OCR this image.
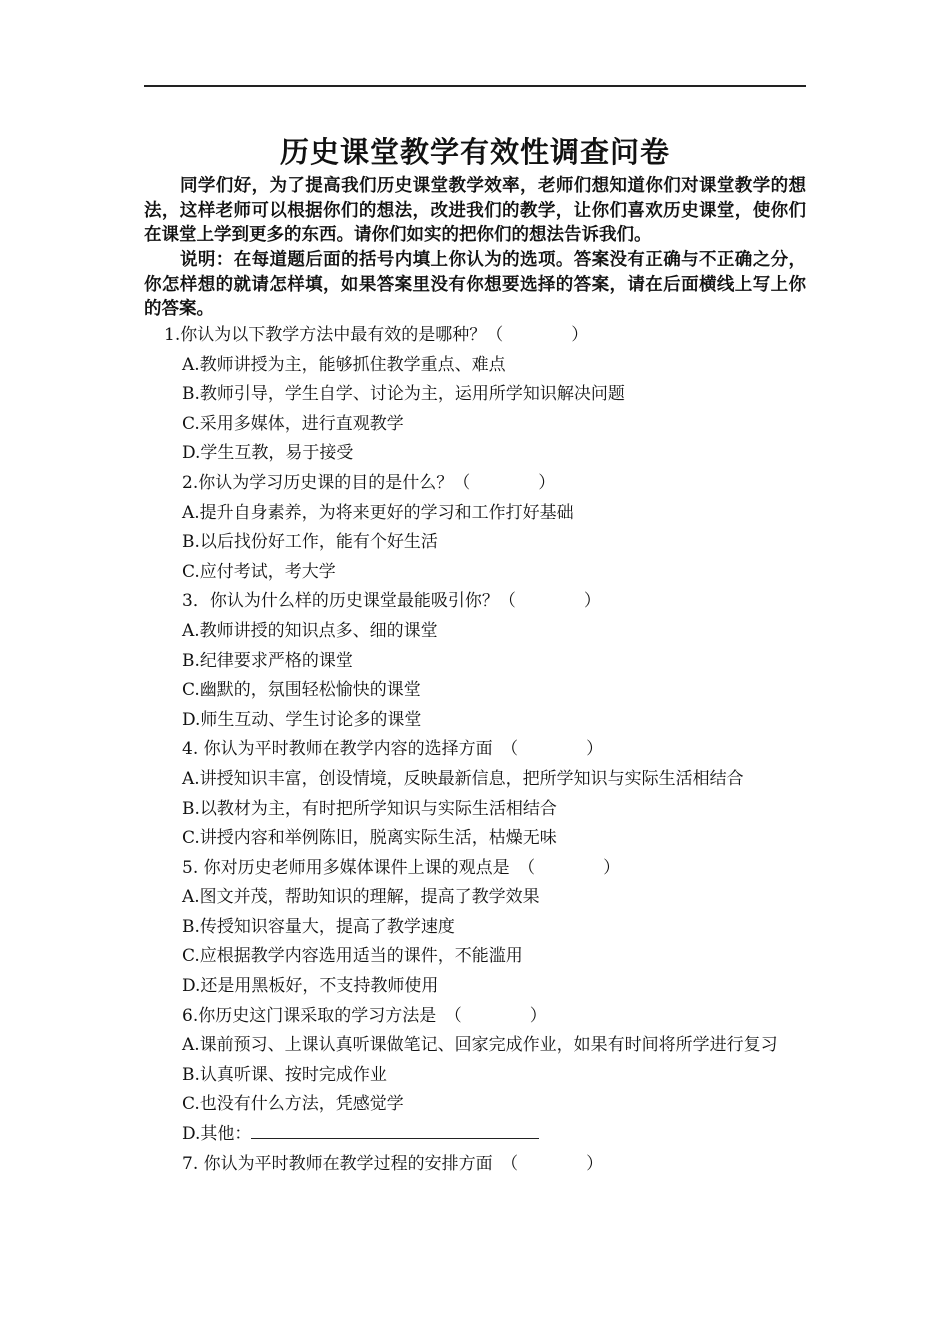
历史课堂教学有效性调查问卷
同学们好，为了提高我们历史课堂教学效率，老师们想知道你们对课堂教学的想法，这样老师可以根据你们的想法，改进我们的教学，让你们喜欢历史课堂，使你们在课堂上学到更多的东西。请你们如实的把你们的想法告诉我们。
说明：在每道题后面的括号内填上你认为的选项。答案没有正确与不正确之分，你怎样想的就请怎样填，如果答案里没有你想要选择的答案，请在后面横线上写上你的答案。
1.你认为以下教学方法中最有效的是哪种？（　　　　）
A.教师讲授为主，能够抓住教学重点、难点
B.教师引导，学生自学、讨论为主，运用所学知识解决问题
C.采用多媒体，进行直观教学
D.学生互教，易于接受
2.你认为学习历史课的目的是什么？（　　　　）
A.提升自身素养，为将来更好的学习和工作打好基础
B.以后找份好工作，能有个好生活
C.应付考试，考大学
3．你认为什么样的历史课堂最能吸引你？（　　　　）
A.教师讲授的知识点多、细的课堂
B.纪律要求严格的课堂
C.幽默的，氛围轻松愉快的课堂
D.师生互动、学生讨论多的课堂
4. 你认为平时教师在教学内容的选择方面　（　　　　）
A.讲授知识丰富，创设情境，反映最新信息，把所学知识与实际生活相结合
B.以教材为主，有时把所学知识与实际生活相结合
C.讲授内容和举例陈旧，脱离实际生活，枯燥无味
5. 你对历史老师用多媒体课件上课的观点是　（　　　　）
A.图文并茂，帮助知识的理解，提高了教学效果
B.传授知识容量大，提高了教学速度
C.应根据教学内容选用适当的课件，不能滥用
D.还是用黑板好，不支持教师使用
6.你历史这门课采取的学习方法是　（　　　　）
A.课前预习、上课认真听课做笔记、回家完成作业，如果有时间将所学进行复习
B.认真听课、按时完成作业
C.也没有什么方法，凭感觉学
D.其他：
7. 你认为平时教师在教学过程的安排方面　（　　　　）
